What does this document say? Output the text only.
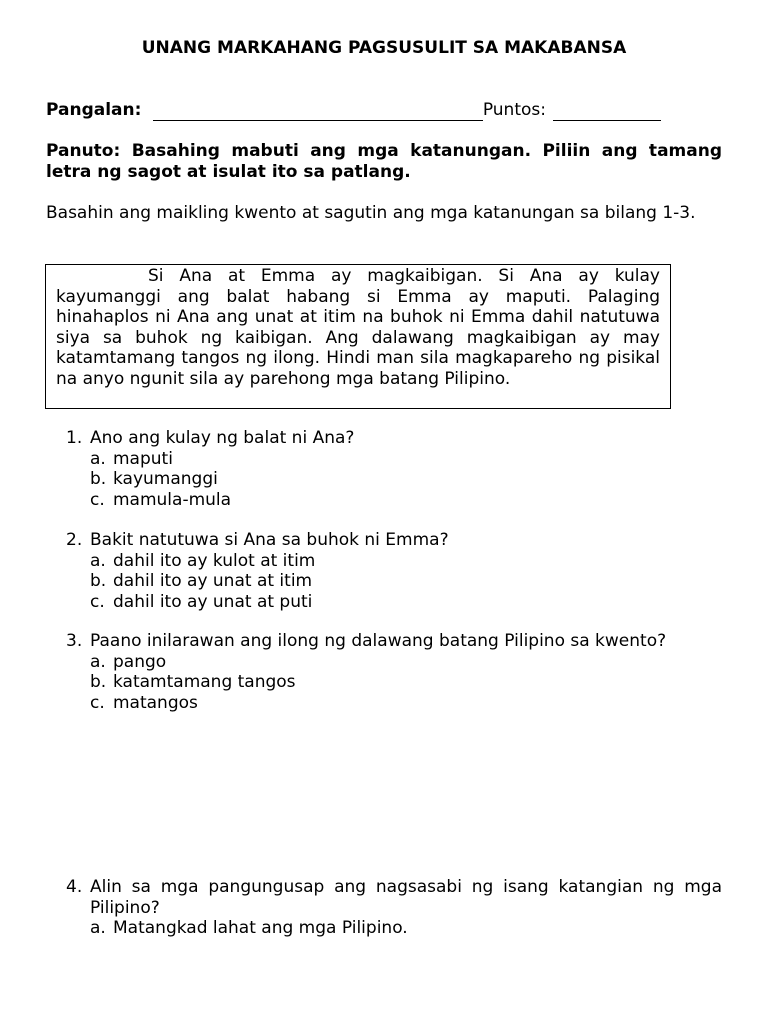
UNANG MARKAHANG PAGSUSULIT SA MAKABANSA
Pangalan:	Puntos:
Panuto: Basahing mabuti ang mga katanungan. Piliin ang tamang letra ng sagot at isulat ito sa patlang.
Basahin ang maikling kwento at sagutin ang mga katanungan sa bilang 1-3.

Si Ana at Emma ay magkaibigan. Si Ana ay kulay kayumanggi ang balat habang si Emma ay maputi. Palaging hinahaplos ni Ana ang unat at itim na buhok ni Emma dahil natutuwa siya sa buhok ng kaibigan. Ang dalawang magkaibigan ay may katamtamang tangos ng ilong. Hindi man sila magkapareho ng pisikal na anyo ngunit sila ay parehong mga batang Pilipino.

1. Ano ang kulay ng balat ni Ana?
a. maputi
b. kayumanggi
c. mamula-mula
2. Bakit natutuwa si Ana sa buhok ni Emma?
a. dahil ito ay kulot at itim
b. dahil ito ay unat at itim
c. dahil ito ay unat at puti
3. Paano inilarawan ang ilong ng dalawang batang Pilipino sa kwento?
a. pango
b. katamtamang tangos
c. matangos
4. Alin sa mga pangungusap ang nagsasabi ng isang katangian ng mga Pilipino?
a. Matangkad lahat ang mga Pilipino.
